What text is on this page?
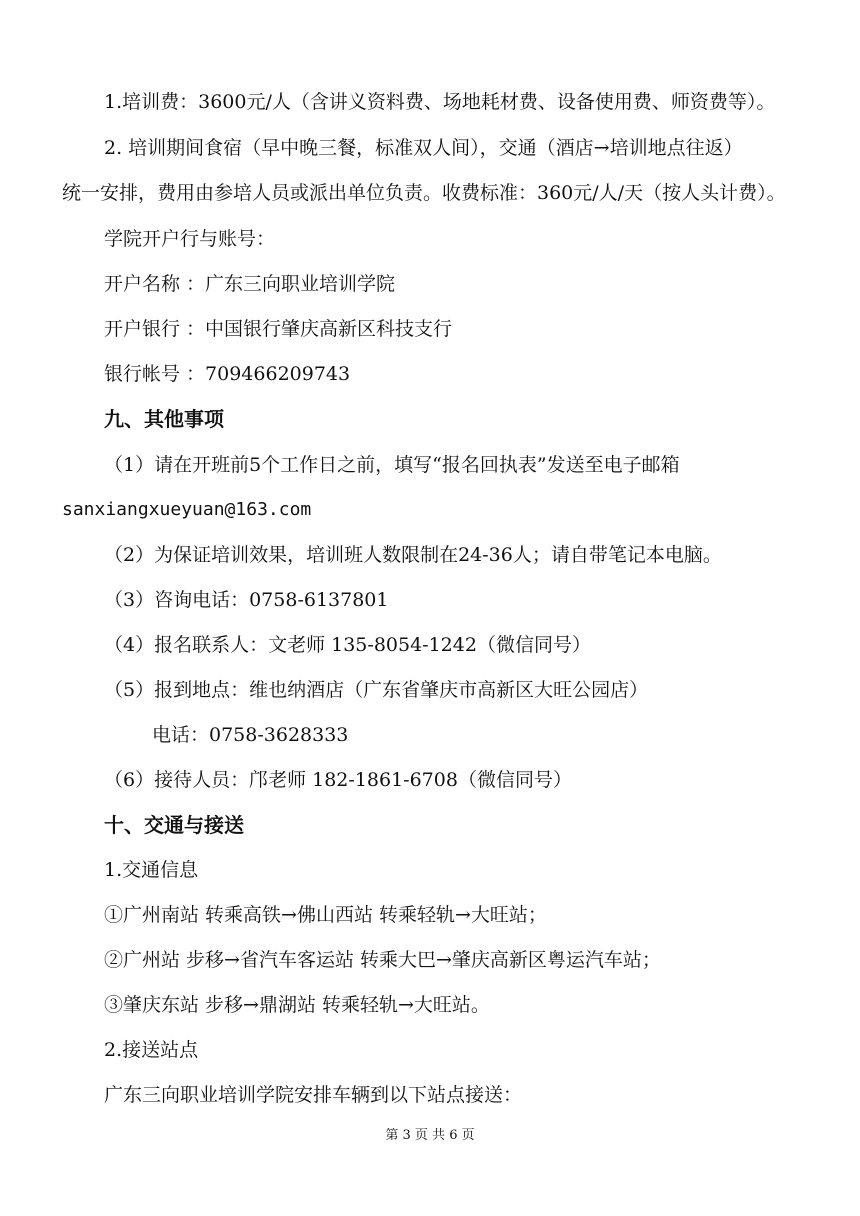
1.培训费：3600元/人（含讲义资料费、场地耗材费、设备使用费、师资费等）。
2. 培训期间食宿（早中晚三餐，标准双人间），交通（酒店→培训地点往返）
统一安排，费用由参培人员或派出单位负责。收费标准：360元/人/天（按人头计费）。
学院开户行与账号：
开户名称 ：广东三向职业培训学院
开户银行 ：中国银行肇庆高新区科技支行
银行帐号 ：709466209743
九、其他事项
（1）请在开班前5个工作日之前，填写“报名回执表”发送至电子邮箱
sanxiangxueyuan@163.com
（2）为保证培训效果，培训班人数限制在24-36人；请自带笔记本电脑。
（3）咨询电话：0758-6137801
（4）报名联系人：文老师 135-8054-1242（微信同号）
（5）报到地点：维也纳酒店（广东省肇庆市高新区大旺公园店）
电话：0758-3628333
（6）接待人员：邝老师 182-1861-6708（微信同号）
十、交通与接送
1.交通信息
①广州南站 转乘高铁→佛山西站 转乘轻轨→大旺站；
②广州站 步移→省汽车客运站 转乘大巴→肇庆高新区粤运汽车站；
③肇庆东站 步移→鼎湖站 转乘轻轨→大旺站。
2.接送站点
广东三向职业培训学院安排车辆到以下站点接送：
第 3 页 共 6 页
